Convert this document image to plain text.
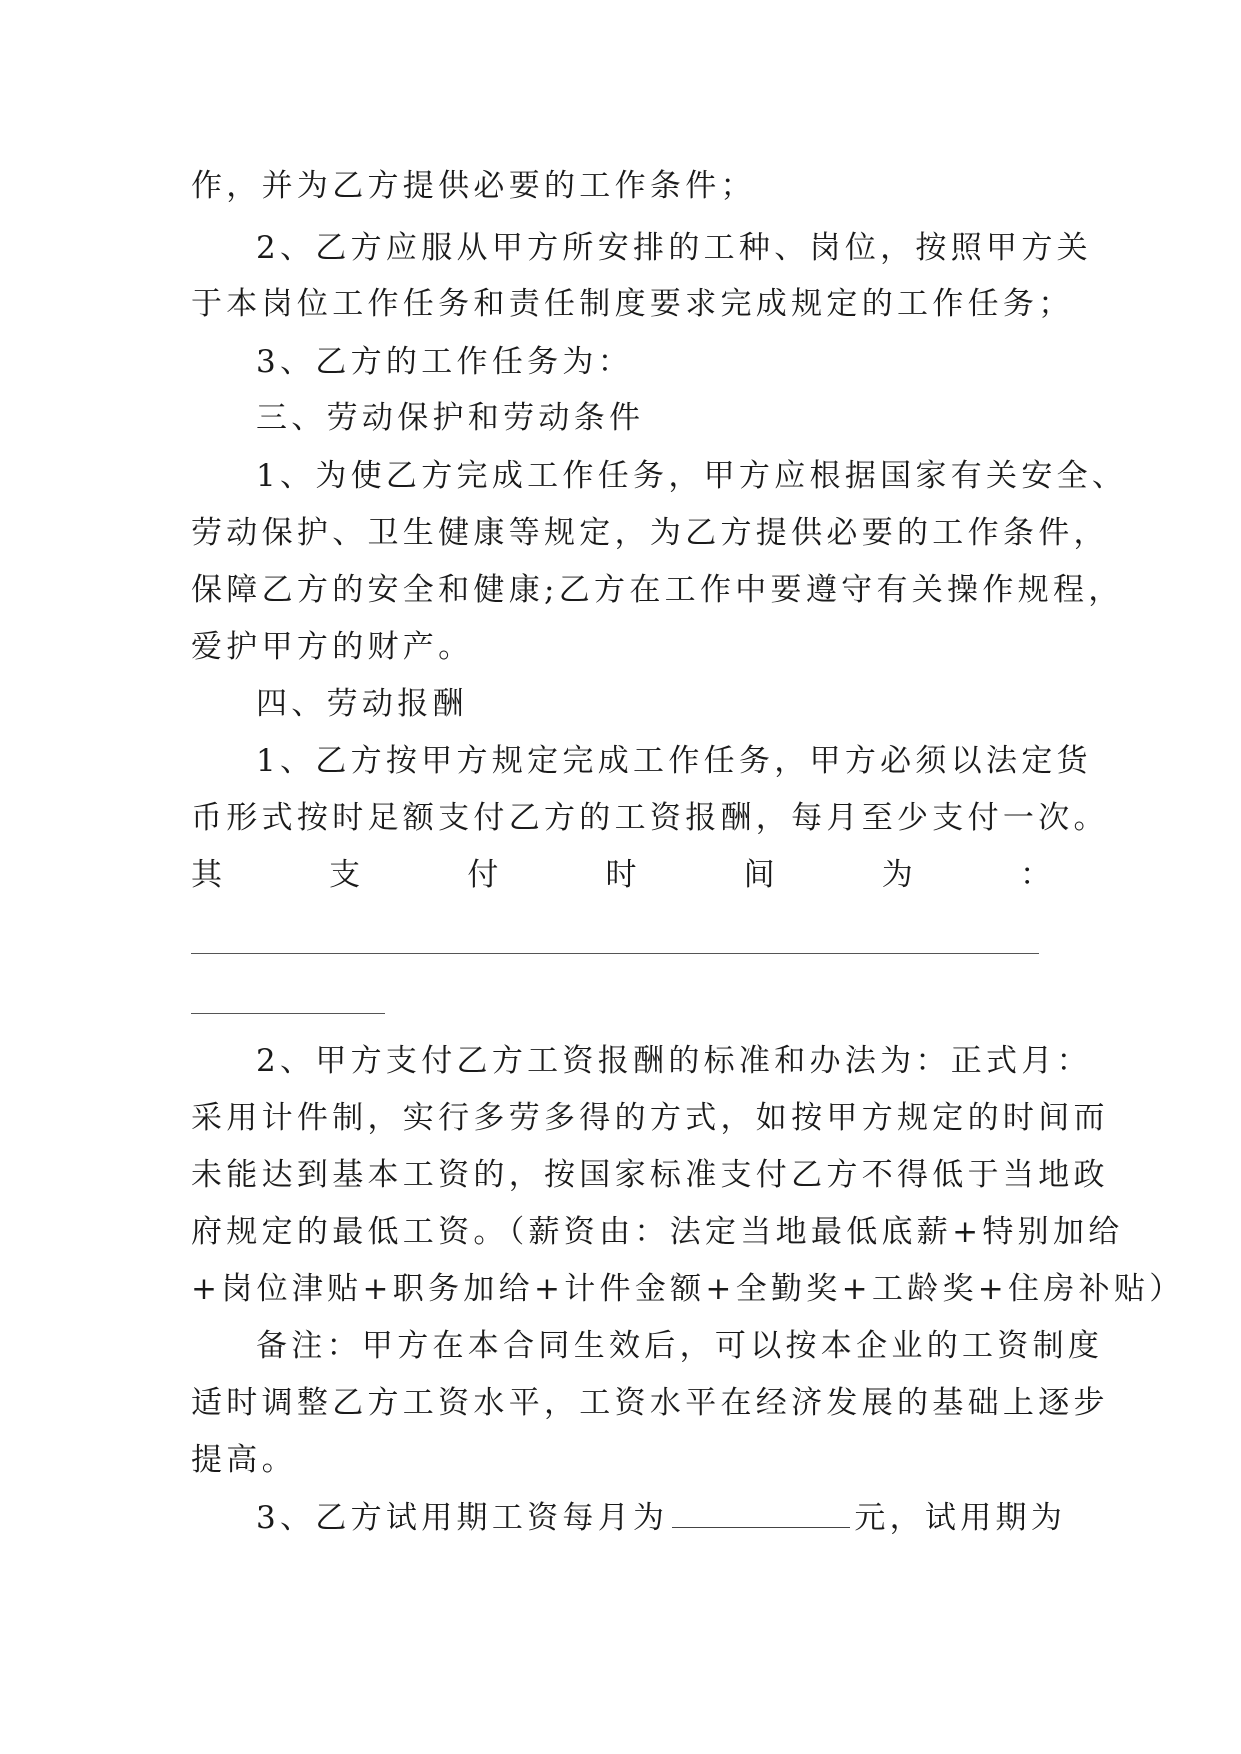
作，并为乙方提供必要的工作条件；
2、乙方应服从甲方所安排的工种、岗位，按照甲方关
于本岗位工作任务和责任制度要求完成规定的工作任务；
3、乙方的工作任务为：
三、劳动保护和劳动条件
1、为使乙方完成工作任务，甲方应根据国家有关安全、
劳动保护、卫生健康等规定，为乙方提供必要的工作条件，
保障乙方的安全和健康;乙方在工作中要遵守有关操作规程，
爱护甲方的财产。
四、劳动报酬
1、乙方按甲方规定完成工作任务，甲方必须以法定货
币形式按时足额支付乙方的工资报酬，每月至少支付一次。
其	支	付	时	间	为	：
2、甲方支付乙方工资报酬的标准和办法为：正式月：
采用计件制，实行多劳多得的方式，如按甲方规定的时间而
未能达到基本工资的，按国家标准支付乙方不得低于当地政
府规定的最低工资。（薪资由：法定当地最低底薪+特别加给
+岗位津贴+职务加给+计件金额+全勤奖+工龄奖+住房补贴）
备注：甲方在本合同生效后，可以按本企业的工资制度
适时调整乙方工资水平，工资水平在经济发展的基础上逐步
提高。
3、乙方试用期工资每月为	元，试用期为
